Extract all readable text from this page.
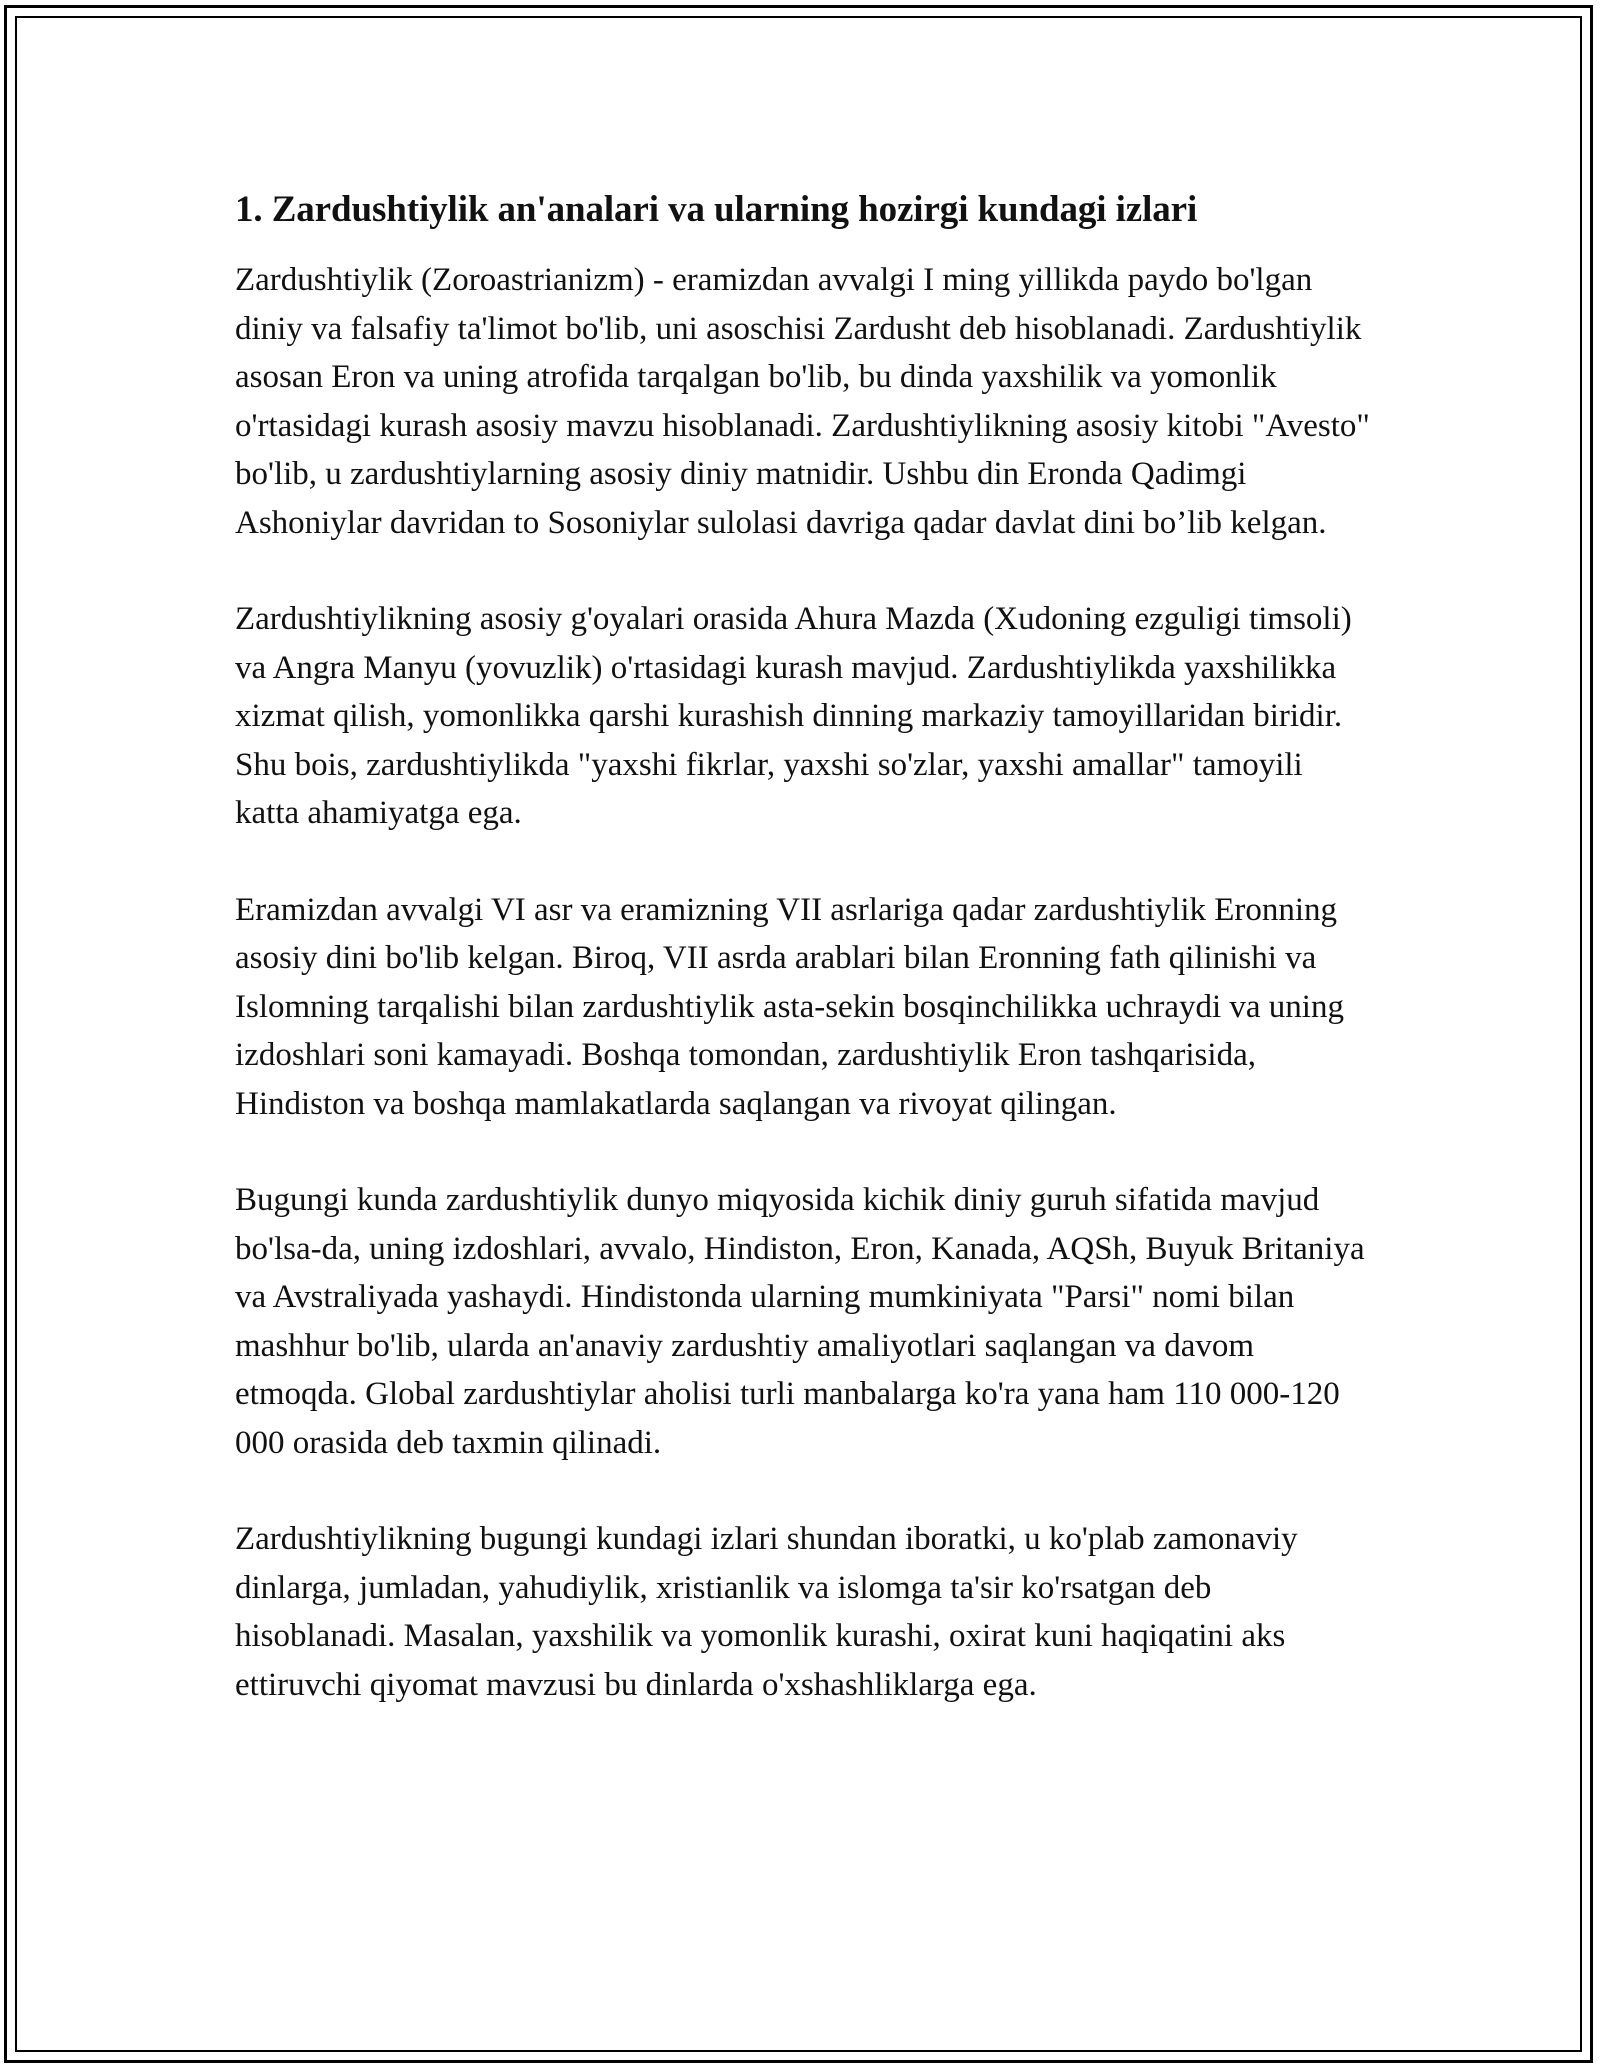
1. Zardushtiylik an'analari va ularning hozirgi kundagi izlari

Zardushtiylik (Zoroastrianizm) - eramizdan avvalgi I ming yillikda paydo bo'lgan diniy va falsafiy ta'limot bo'lib, uni asoschisi Zardusht deb hisoblanadi. Zardushtiylik asosan Eron va uning atrofida tarqalgan bo'lib, bu dinda yaxshilik va yomonlik o'rtasidagi kurash asosiy mavzu hisoblanadi. Zardushtiylikning asosiy kitobi "Avesto" bo'lib, u zardushtiylarning asosiy diniy matnidir. Ushbu din Eronda Qadimgi Ashoniylar davridan to Sosoniylar sulolasi davriga qadar davlat dini bo’lib kelgan.

Zardushtiylikning asosiy g'oyalari orasida Ahura Mazda (Xudoning ezguligi timsoli) va Angra Manyu (yovuzlik) o'rtasidagi kurash mavjud. Zardushtiylikda yaxshilikka xizmat qilish, yomonlikka qarshi kurashish dinning markaziy tamoyillaridan biridir. Shu bois, zardushtiylikda "yaxshi fikrlar, yaxshi so'zlar, yaxshi amallar" tamoyili katta ahamiyatga ega.

Eramizdan avvalgi VI asr va eramizning VII asrlariga qadar zardushtiylik Eronning asosiy dini bo'lib kelgan. Biroq, VII asrda arablari bilan Eronning fath qilinishi va Islomning tarqalishi bilan zardushtiylik asta-sekin bosqinchilikka uchraydi va uning izdoshlari soni kamayadi. Boshqa tomondan, zardushtiylik Eron tashqarisida, Hindiston va boshqa mamlakatlarda saqlangan va rivoyat qilingan.

Bugungi kunda zardushtiylik dunyo miqyosida kichik diniy guruh sifatida mavjud bo'lsa-da, uning izdoshlari, avvalo, Hindiston, Eron, Kanada, AQSh, Buyuk Britaniya va Avstraliyada yashaydi. Hindistonda ularning mumkiniyata "Parsi" nomi bilan mashhur bo'lib, ularda an'anaviy zardushtiy amaliyotlari saqlangan va davom etmoqda. Global zardushtiylar aholisi turli manbalarga ko'ra yana ham 110 000-120 000 orasida deb taxmin qilinadi.

Zardushtiylikning bugungi kundagi izlari shundan iboratki, u ko'plab zamonaviy dinlarga, jumladan, yahudiylik, xristianlik va islomga ta'sir ko'rsatgan deb hisoblanadi. Masalan, yaxshilik va yomonlik kurashi, oxirat kuni haqiqatini aks ettiruvchi qiyomat mavzusi bu dinlarda o'xshashliklarga ega.
